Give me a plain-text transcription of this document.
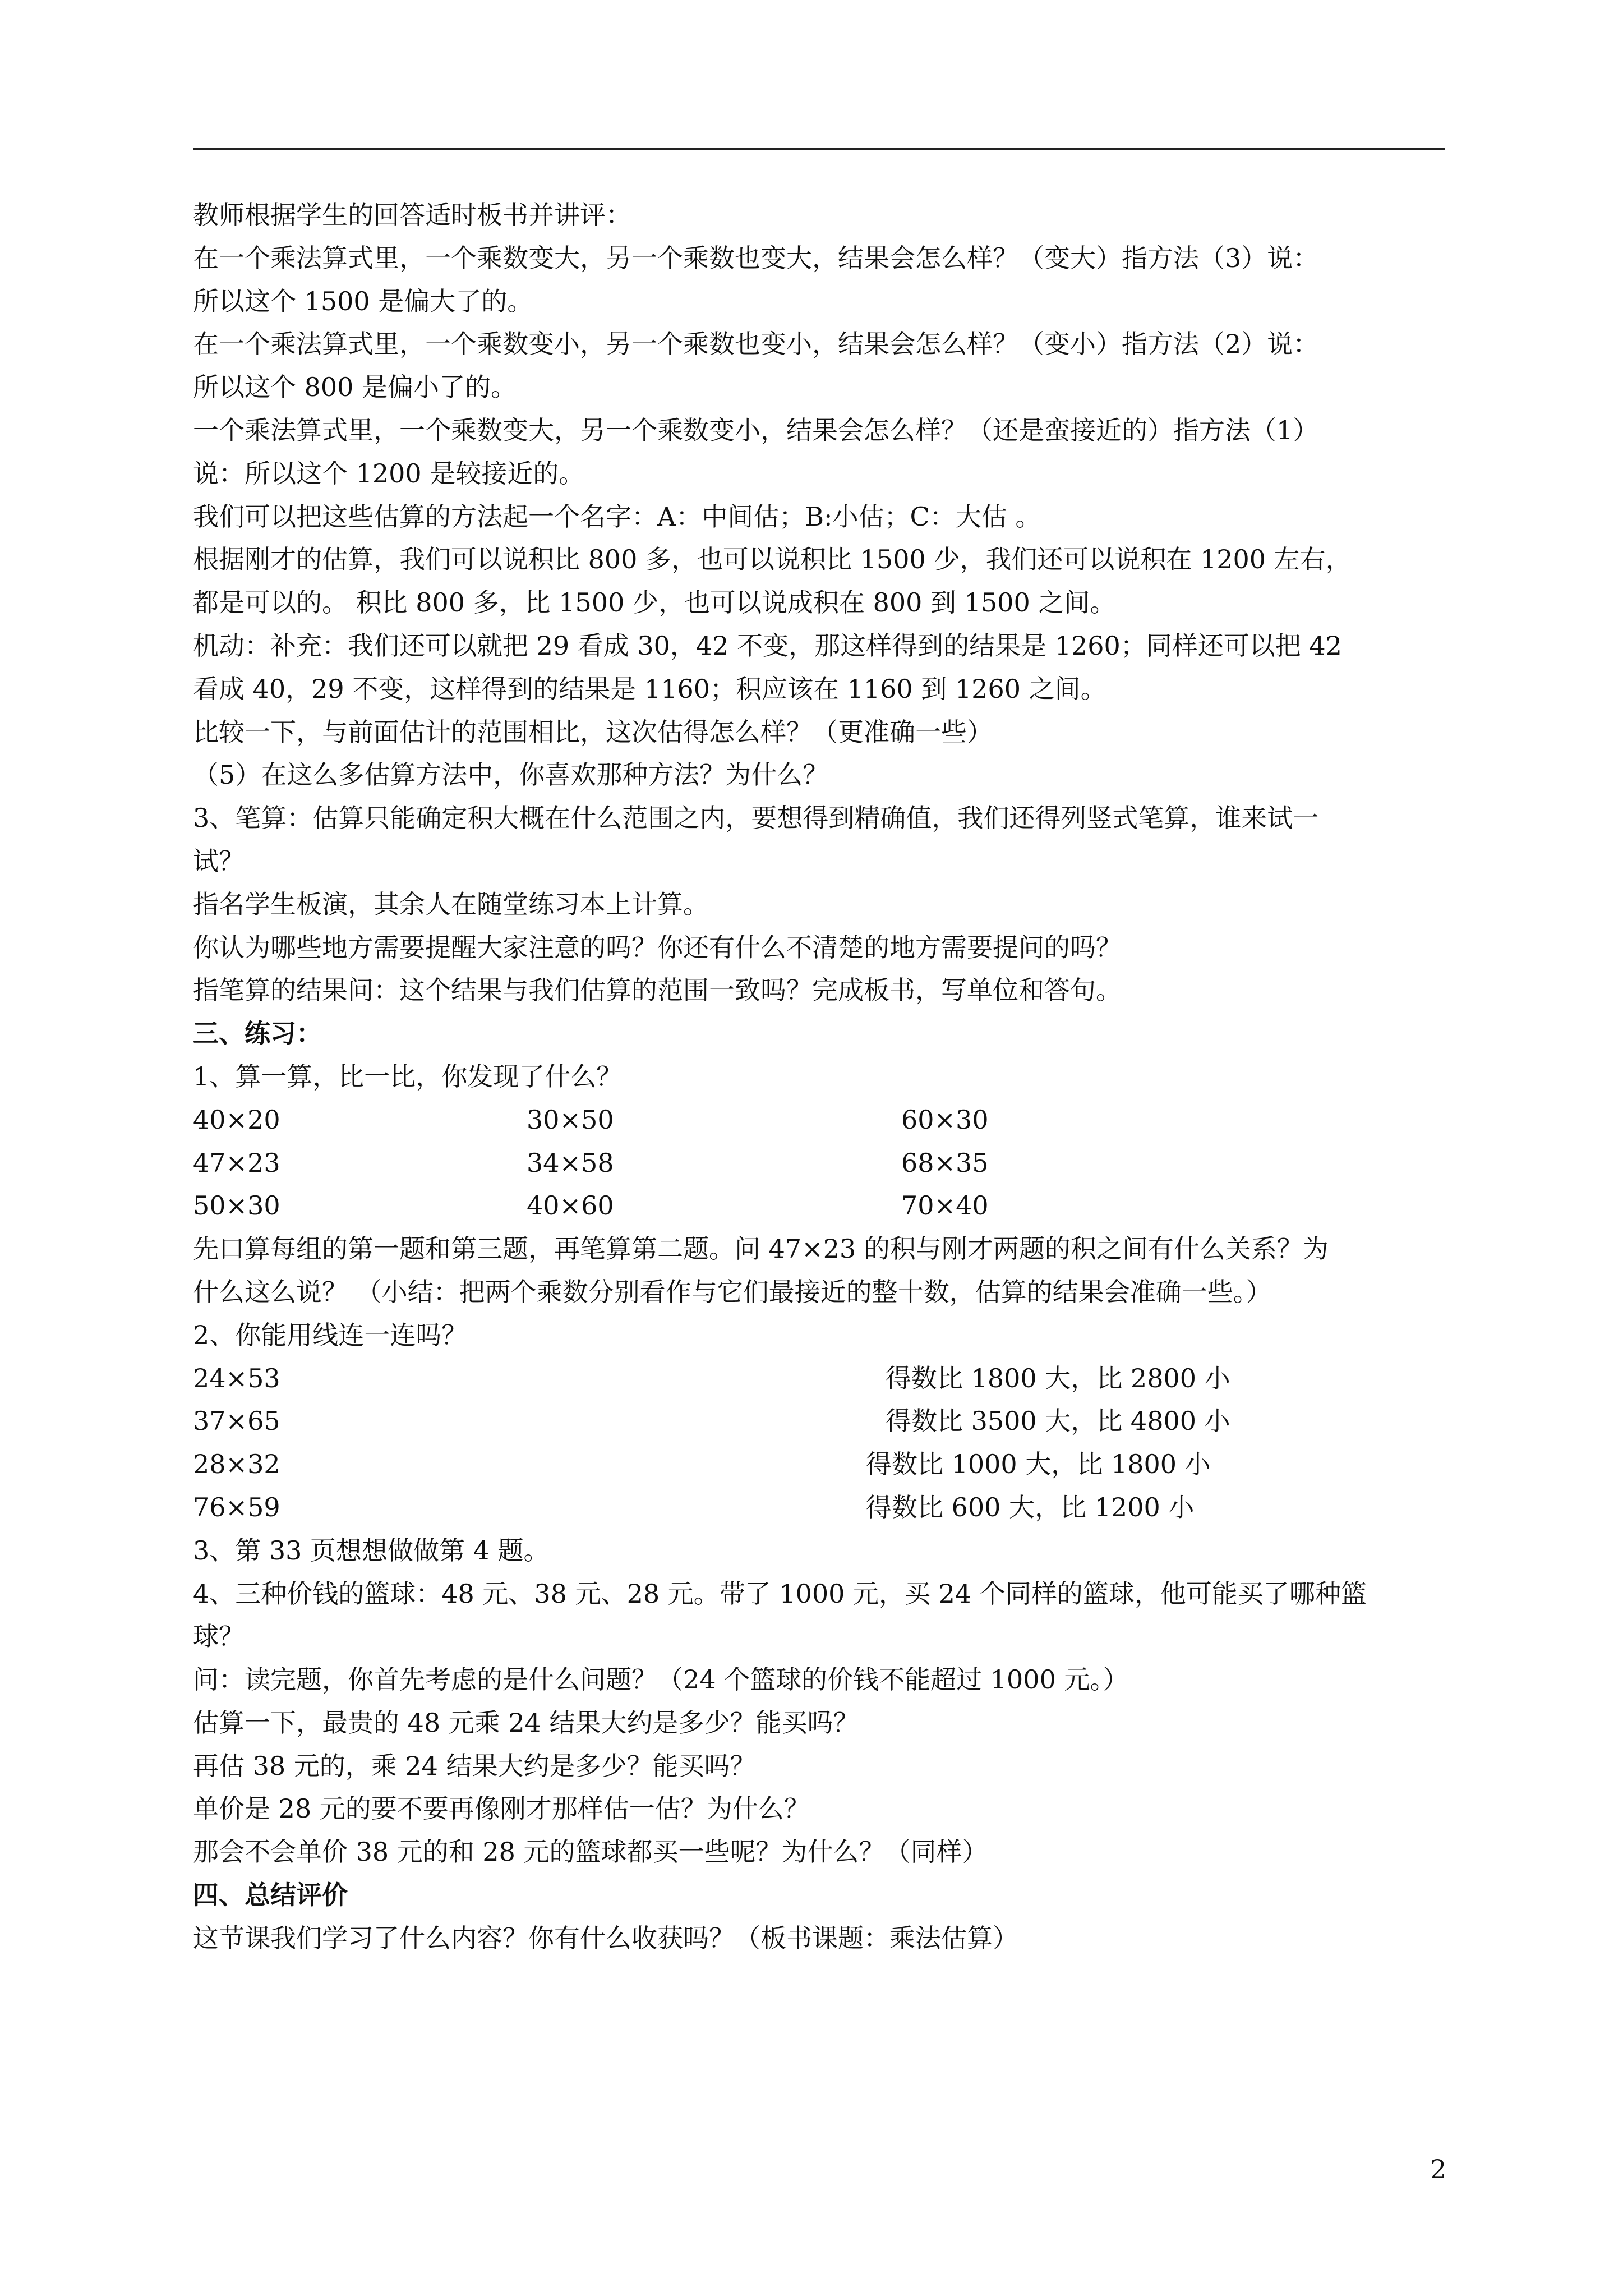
教师根据学生的回答适时板书并讲评：
在一个乘法算式里，一个乘数变大，另一个乘数也变大，结果会怎么样？（变大）指方法（3）说：
所以这个 1500 是偏大了的。
在一个乘法算式里，一个乘数变小，另一个乘数也变小，结果会怎么样？（变小）指方法（2）说：
所以这个 800 是偏小了的。
一个乘法算式里，一个乘数变大，另一个乘数变小，结果会怎么样？（还是蛮接近的）指方法（1）
说：所以这个 1200 是较接近的。
我们可以把这些估算的方法起一个名字：A：中间估；B:小估；C：大估 。
根据刚才的估算，我们可以说积比 800 多，也可以说积比 1500 少，我们还可以说积在 1200 左右，
都是可以的。 积比 800 多，比 1500 少，也可以说成积在 800 到 1500 之间。
机动：补充：我们还可以就把 29 看成 30，42 不变，那这样得到的结果是 1260；同样还可以把 42
看成 40，29 不变，这样得到的结果是 1160；积应该在 1160 到 1260 之间。
比较一下，与前面估计的范围相比，这次估得怎么样？（更准确一些）
（5）在这么多估算方法中，你喜欢那种方法？为什么？
3、笔算：估算只能确定积大概在什么范围之内，要想得到精确值，我们还得列竖式笔算，谁来试一
试？
指名学生板演，其余人在随堂练习本上计算。
你认为哪些地方需要提醒大家注意的吗？你还有什么不清楚的地方需要提问的吗？
指笔算的结果问：这个结果与我们估算的范围一致吗？完成板书，写单位和答句。
三、练习：
1、算一算，比一比，你发现了什么？
40×20	30×50	60×30
47×23	34×58	68×35
50×30	40×60	70×40
先口算每组的第一题和第三题，再笔算第二题。问 47×23 的积与刚才两题的积之间有什么关系？为
什么这么说？ （小结：把两个乘数分别看作与它们最接近的整十数，估算的结果会准确一些。）
2、你能用线连一连吗？
24×53	得数比 1800 大，比 2800 小
37×65	得数比 3500 大，比 4800 小
28×32	得数比 1000 大，比 1800 小
76×59	得数比 600 大，比 1200 小
3、第 33 页想想做做第 4 题。
4、三种价钱的篮球：48 元、38 元、28 元。带了 1000 元，买 24 个同样的篮球，他可能买了哪种篮
球？
问：读完题，你首先考虑的是什么问题？（24 个篮球的价钱不能超过 1000 元。）
估算一下，最贵的 48 元乘 24 结果大约是多少？能买吗？
再估 38 元的，乘 24 结果大约是多少？能买吗？
单价是 28 元的要不要再像刚才那样估一估？为什么？
那会不会单价 38 元的和 28 元的篮球都买一些呢？为什么？（同样）
四、总结评价
这节课我们学习了什么内容？你有什么收获吗？（板书课题：乘法估算）
2
